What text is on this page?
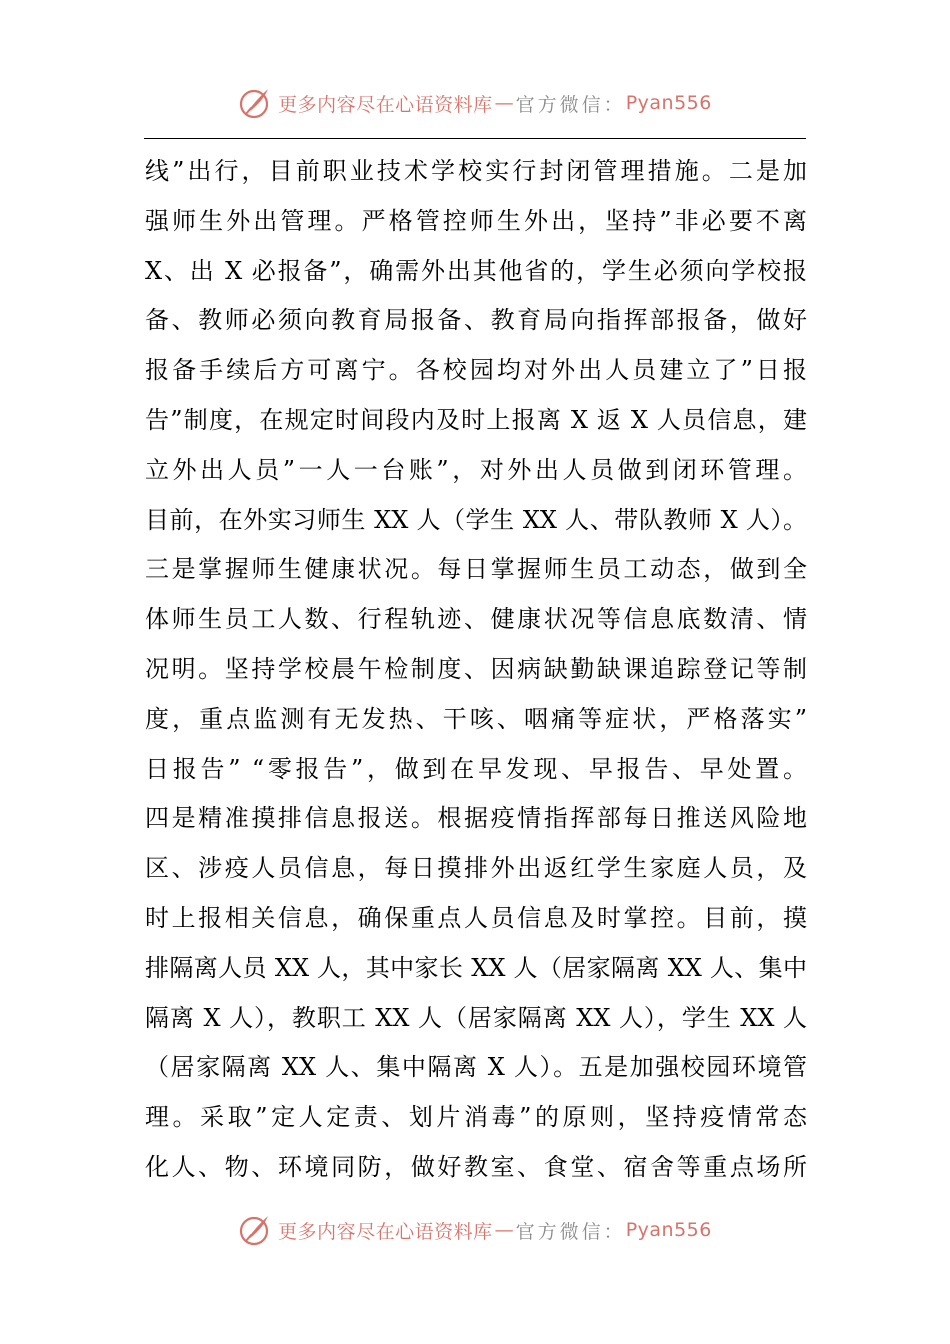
更多内容尽在心语资料库 — 官方微信： Pyan556
线”出行，目前职业技术学校实行封闭管理措施。二是加
强师生外出管理。严格管控师生外出，坚持”非必要不离
X、出 X 必报备”，确需外出其他省的，学生必须向学校报
备、教师必须向教育局报备、教育局向指挥部报备，做好
报备手续后方可离宁。各校园均对外出人员建立了”日报
告”制度，在规定时间段内及时上报离 X 返 X 人员信息，建
立外出人员”一人一台账”，对外出人员做到闭环管理。
目前，在外实习师生 XX 人（学生 XX 人、带队教师 X 人）。
三是掌握师生健康状况。每日掌握师生员工动态，做到全
体师生员工人数、行程轨迹、健康状况等信息底数清、情
况明。坚持学校晨午检制度、因病缺勤缺课追踪登记等制
度，重点监测有无发热、干咳、咽痛等症状，严格落实”
日报告” “零报告”，做到在早发现、早报告、早处置。
四是精准摸排信息报送。根据疫情指挥部每日推送风险地
区、涉疫人员信息，每日摸排外出返红学生家庭人员，及
时上报相关信息，确保重点人员信息及时掌控。目前，摸
排隔离人员 XX 人，其中家长 XX 人（居家隔离 XX 人、集中
隔离 X 人），教职工 XX 人（居家隔离 XX 人），学生 XX 人
（居家隔离 XX 人、集中隔离 X 人）。五是加强校园环境管
理。采取”定人定责、划片消毒”的原则，坚持疫情常态
化人、物、环境同防，做好教室、食堂、宿舍等重点场所
更多内容尽在心语资料库 — 官方微信： Pyan556
